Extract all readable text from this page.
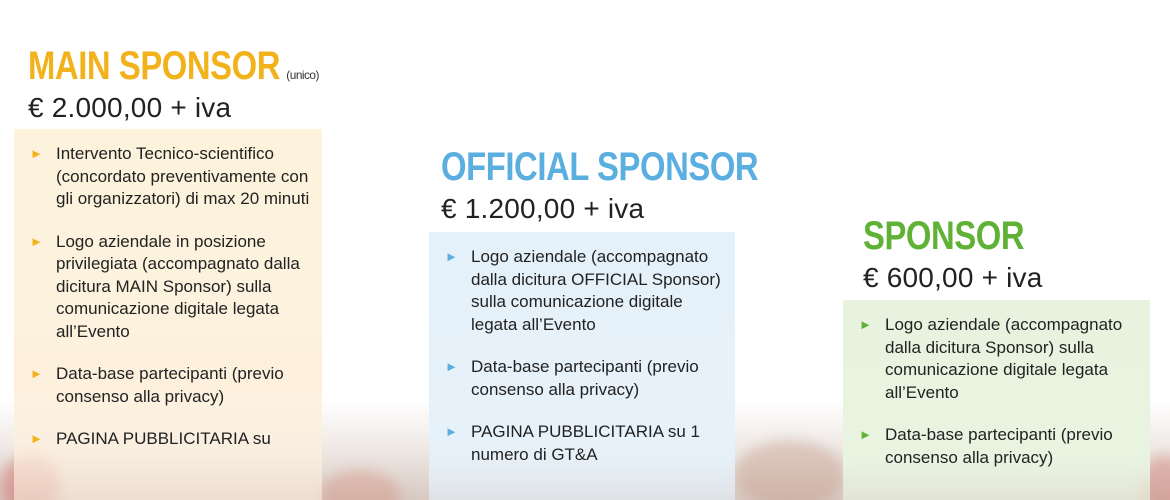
MAIN SPONSOR (unico)
€ 2.000,00 + iva
► Intervento Tecnico-scientifico (concordato preventivamente con gli organizzatori) di max 20 minuti
► Logo aziendale in posizione privilegiata (accompagnato dalla dicitura MAIN Sponsor) sulla comunicazione digitale legata all’Evento
► Data-base partecipanti (previo consenso alla privacy)
► PAGINA PUBBLICITARIA su
OFFICIAL SPONSOR
€ 1.200,00 + iva
► Logo aziendale (accompagnato dalla dicitura OFFICIAL Sponsor) sulla comunicazione digitale legata all’Evento
► Data-base partecipanti (previo consenso alla privacy)
► PAGINA PUBBLICITARIA su 1 numero di GT&A
SPONSOR
€ 600,00 + iva
► Logo aziendale (accompagnato dalla dicitura Sponsor) sulla comunicazione digitale legata all’Evento
► Data-base partecipanti (previo consenso alla privacy)
